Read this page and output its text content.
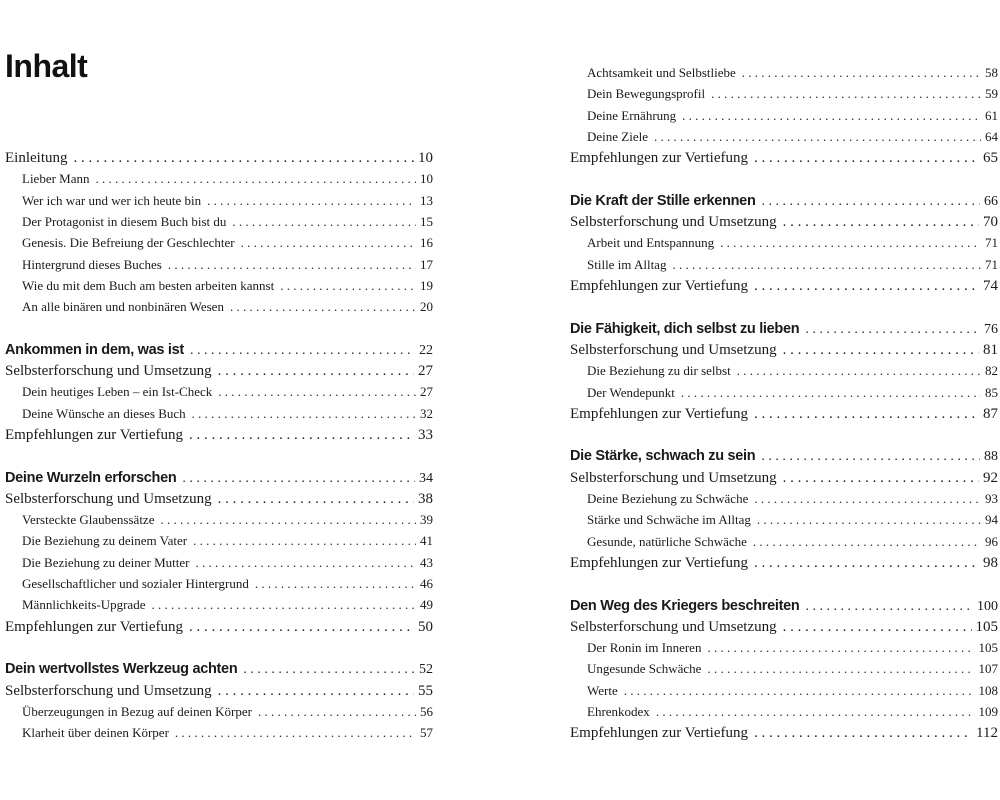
Inhalt
Einleitung . . .	10
Lieber Mann . . .	10
Wer ich war und wer ich heute bin . . .	13
Der Protagonist in diesem Buch bist du . . .	15
Genesis. Die Befreiung der Geschlechter . . .	16
Hintergrund dieses Buches . . .	17
Wie du mit dem Buch am besten arbeiten kannst . . .	19
An alle binären und nonbinären Wesen . . .	20
Ankommen in dem, was ist . . .	22
Selbsterforschung und Umsetzung . . .	27
Dein heutiges Leben – ein Ist-Check . . .	27
Deine Wünsche an dieses Buch . . .	32
Empfehlungen zur Vertiefung . . .	33
Deine Wurzeln erforschen . . .	34
Selbsterforschung und Umsetzung . . .	38
Versteckte Glaubenssätze . . .	39
Die Beziehung zu deinem Vater . . .	41
Die Beziehung zu deiner Mutter . . .	43
Gesellschaftlicher und sozialer Hintergrund . . .	46
Männlichkeits-Upgrade . . .	49
Empfehlungen zur Vertiefung . . .	50
Dein wertvollstes Werkzeug achten . . .	52
Selbsterforschung und Umsetzung . . .	55
Überzeugungen in Bezug auf deinen Körper . . .	56
Klarheit über deinen Körper . . .	57
Achtsamkeit und Selbstliebe . . .	58
Dein Bewegungsprofil . . .	59
Deine Ernährung . . .	61
Deine Ziele . . .	64
Empfehlungen zur Vertiefung . . .	65
Die Kraft der Stille erkennen . . .	66
Selbsterforschung und Umsetzung . . .	70
Arbeit und Entspannung . . .	71
Stille im Alltag . . .	71
Empfehlungen zur Vertiefung . . .	74
Die Fähigkeit, dich selbst zu lieben . . .	76
Selbsterforschung und Umsetzung . . .	81
Die Beziehung zu dir selbst . . .	82
Der Wendepunkt . . .	85
Empfehlungen zur Vertiefung . . .	87
Die Stärke, schwach zu sein . . .	88
Selbsterforschung und Umsetzung . . .	92
Deine Beziehung zu Schwäche . . .	93
Stärke und Schwäche im Alltag . . .	94
Gesunde, natürliche Schwäche . . .	96
Empfehlungen zur Vertiefung . . .	98
Den Weg des Kriegers beschreiten . . .	100
Selbsterforschung und Umsetzung . . .	105
Der Ronin im Inneren . . .	105
Ungesunde Schwäche . . .	107
Werte . . .	108
Ehrenkodex . . .	109
Empfehlungen zur Vertiefung . . .	112
